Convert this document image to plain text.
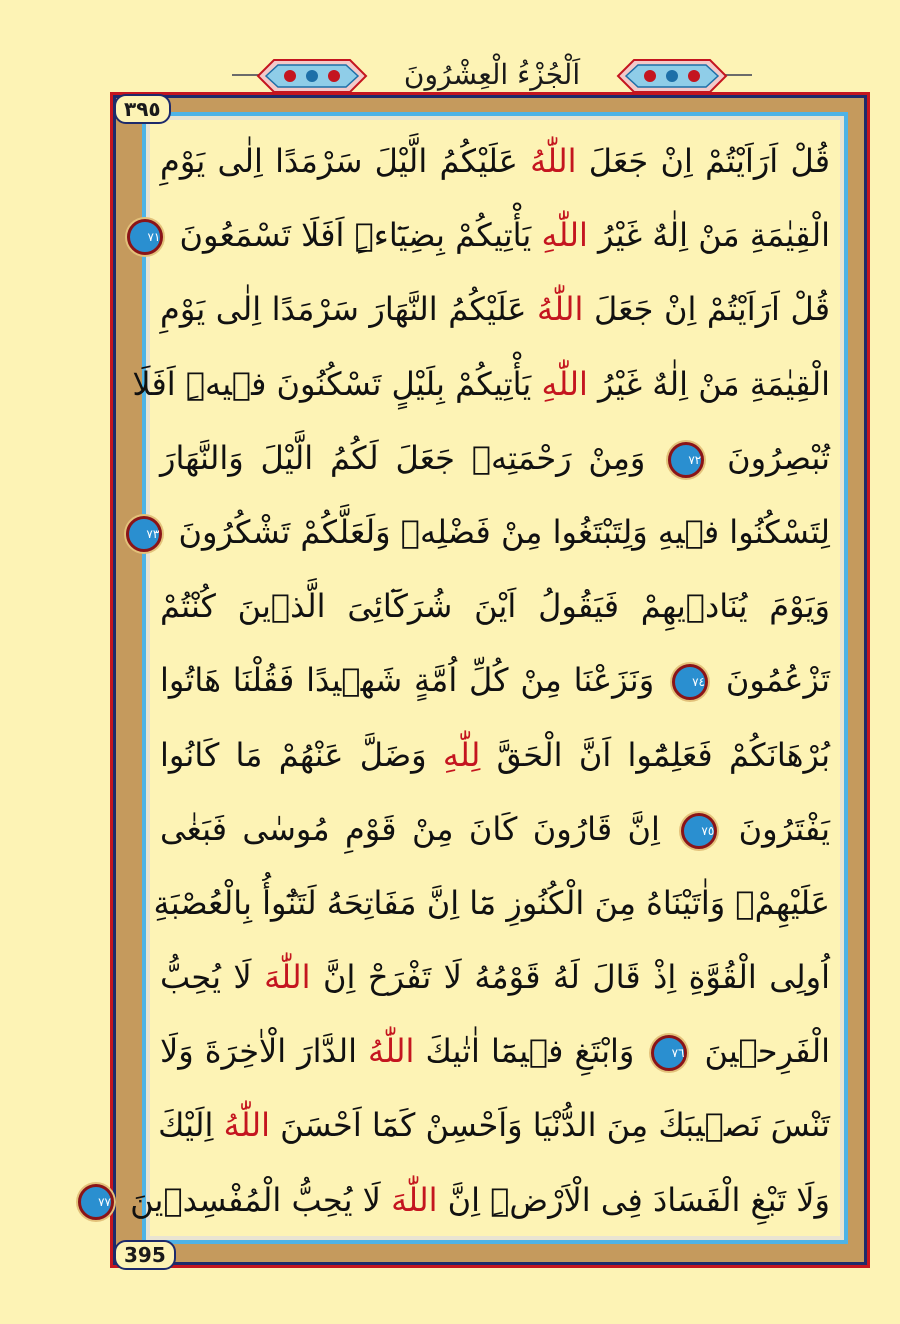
اَلْجُزْءُ الْعِشْرُونَ
٣٩٥
395
قُلْ اَرَاَيْتُمْ اِنْ جَعَلَ اللّٰهُ عَلَيْكُمُ الَّيْلَ سَرْمَدًا اِلٰى يَوْمِ
الْقِيٰمَةِ مَنْ اِلٰهٌ غَيْرُ اللّٰهِ يَأْتِيكُمْ بِضِيَٓاءٍۜ اَفَلَا تَسْمَعُونَ ٧١
قُلْ اَرَاَيْتُمْ اِنْ جَعَلَ اللّٰهُ عَلَيْكُمُ النَّهَارَ سَرْمَدًا اِلٰى يَوْمِ
الْقِيٰمَةِ مَنْ اِلٰهٌ غَيْرُ اللّٰهِ يَأْتِيكُمْ بِلَيْلٍ تَسْكُنُونَ فٖيهِۜ اَفَلَا
تُبْصِرُونَ ٧٢ وَمِنْ رَحْمَتِهٖ جَعَلَ لَكُمُ الَّيْلَ وَالنَّهَارَ
لِتَسْكُنُوا فٖيهِ وَلِتَبْتَغُوا مِنْ فَضْلِهٖ وَلَعَلَّكُمْ تَشْكُرُونَ ٧٣
وَيَوْمَ يُنَادٖيهِمْ فَيَقُولُ اَيْنَ شُرَكَٓائِىَ الَّذٖينَ كُنْتُمْ
تَزْعُمُونَ ٧٤ وَنَزَعْنَا مِنْ كُلِّ اُمَّةٍ شَهٖيدًا فَقُلْنَا هَاتُوا
بُرْهَانَكُمْ فَعَلِمُٓوا اَنَّ الْحَقَّ لِلّٰهِ وَضَلَّ عَنْهُمْ مَا كَانُوا
يَفْتَرُونَ ٧٥ اِنَّ قَارُونَ كَانَ مِنْ قَوْمِ مُوسٰى فَبَغٰى
عَلَيْهِمْۖ وَاٰتَيْنَاهُ مِنَ الْكُنُوزِ مَٓا اِنَّ مَفَاتِحَهُ لَتَنُٓوأُ بِالْعُصْبَةِ
اُولِى الْقُوَّةِ اِذْ قَالَ لَهُ قَوْمُهُ لَا تَفْرَحْ اِنَّ اللّٰهَ لَا يُحِبُّ
الْفَرِحٖينَ ٧٦ وَابْتَغِ فٖيمَٓا اٰتٰيكَ اللّٰهُ الدَّارَ الْاٰخِرَةَ وَلَا
تَنْسَ نَصٖيبَكَ مِنَ الدُّنْيَا وَاَحْسِنْ كَمَٓا اَحْسَنَ اللّٰهُ اِلَيْكَ
وَلَا تَبْغِ الْفَسَادَ فِى الْاَرْضِۜ اِنَّ اللّٰهَ لَا يُحِبُّ الْمُفْسِدٖينَ ٧٧
